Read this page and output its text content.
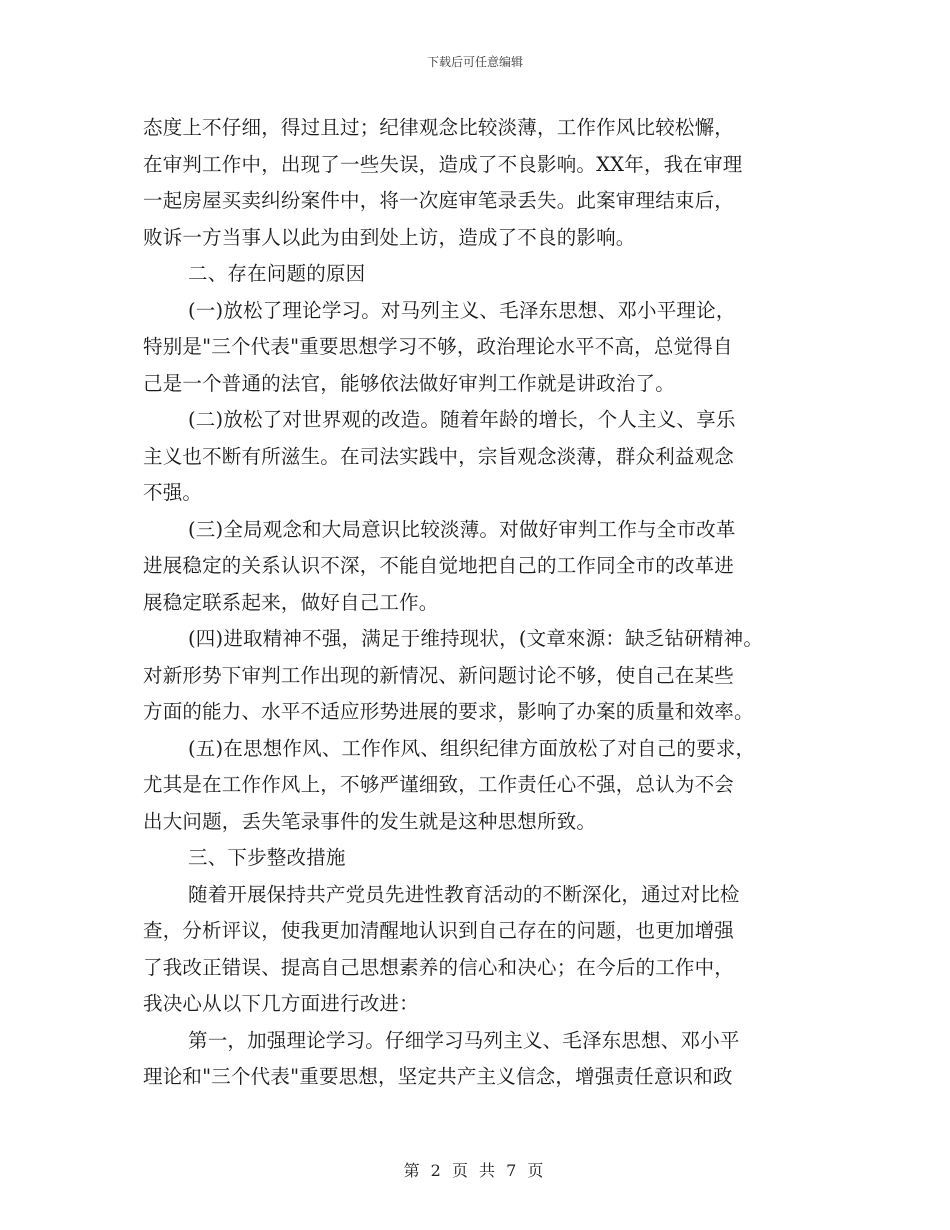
下载后可任意编辑
态度上不仔细，得过且过；纪律观念比较淡薄，工作作风比较松懈，
在审判工作中，出现了一些失误，造成了不良影响。XX年，我在审理
一起房屋买卖纠纷案件中，将一次庭审笔录丢失。此案审理结束后，
败诉一方当事人以此为由到处上访，造成了不良的影响。
二、存在问题的原因
(一)放松了理论学习。对马列主义、毛泽东思想、邓小平理论，
特别是"三个代表"重要思想学习不够，政治理论水平不高，总觉得自
己是一个普通的法官，能够依法做好审判工作就是讲政治了。
(二)放松了对世界观的改造。随着年龄的增长，个人主义、享乐
主义也不断有所滋生。在司法实践中，宗旨观念淡薄，群众利益观念
不强。
(三)全局观念和大局意识比较淡薄。对做好审判工作与全市改革
进展稳定的关系认识不深，不能自觉地把自己的工作同全市的改革进
展稳定联系起来，做好自己工作。
(四)进取精神不强，满足于维持现状，(文章來源：缺乏钻研精神。
对新形势下审判工作出现的新情况、新问题讨论不够，使自己在某些
方面的能力、水平不适应形势进展的要求，影响了办案的质量和效率。
(五)在思想作风、工作作风、组织纪律方面放松了对自己的要求，
尤其是在工作作风上，不够严谨细致，工作责任心不强，总认为不会
出大问题，丢失笔录事件的发生就是这种思想所致。
三、下步整改措施
随着开展保持共产党员先进性教育活动的不断深化，通过对比检
查，分析评议，使我更加清醒地认识到自己存在的问题，也更加增强
了我改正错误、提高自己思想素养的信心和决心；在今后的工作中，
我决心从以下几方面进行改进：
第一，加强理论学习。仔细学习马列主义、毛泽东思想、邓小平
理论和"三个代表"重要思想，坚定共产主义信念，增强责任意识和政
第 2 页 共 7 页
